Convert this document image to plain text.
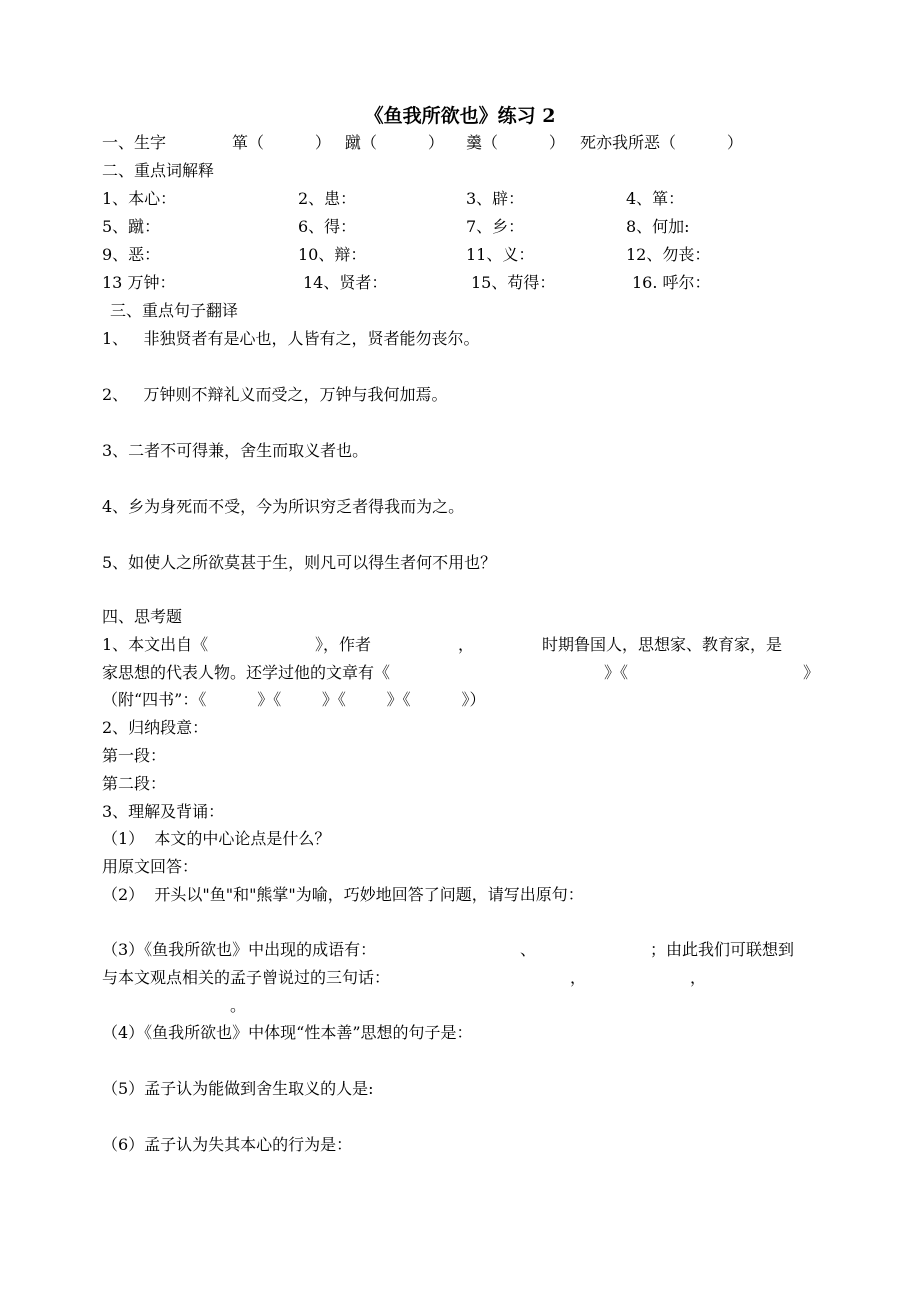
《鱼我所欲也》练习 2
一、生字	箪（          ） 蹴（          ） 羹（          ） 死亦我所恶（          ）
二、重点词解释
1、本心：	2、患：	3、辟：	4、箪：
5、蹴：	6、得：	7、乡：	8、何加:
9、恶：	10、辩：	11、义：	12、勿丧：
13 万钟：	14、贤者：	15、苟得：	16. 呼尔：
三、重点句子翻译
1、   非独贤者有是心也，人皆有之，贤者能勿丧尔。
2、   万钟则不辩礼义而受之，万钟与我何加焉。
3、二者不可得兼，舍生而取义者也。
4、乡为身死而不受，今为所识穷乏者得我而为之。
5、如使人之所欲莫甚于生，则凡可以得生者何不用也？
四、思考题
1、本文出自《	》，作者	，	时期鲁国人，思想家、教育家，是
家思想的代表人物。还学过他的文章有《	》《	》
（附“四书”：《          》《        》《        》《          》）
2、归纳段意：
第一段：
第二段：
3、理解及背诵：
（1）  本文的中心论点是什么？
用原文回答：
（2）  开头以"鱼"和"熊掌"为喻，巧妙地回答了问题，请写出原句：
（3）《鱼我所欲也》中出现的成语有：	、	；由此我们可联想到
与本文观点相关的孟子曾说过的三句话：	，	，
。
（4）《鱼我所欲也》中体现“性本善”思想的句子是：
（5）孟子认为能做到舍生取义的人是:
（6）孟子认为失其本心的行为是：
